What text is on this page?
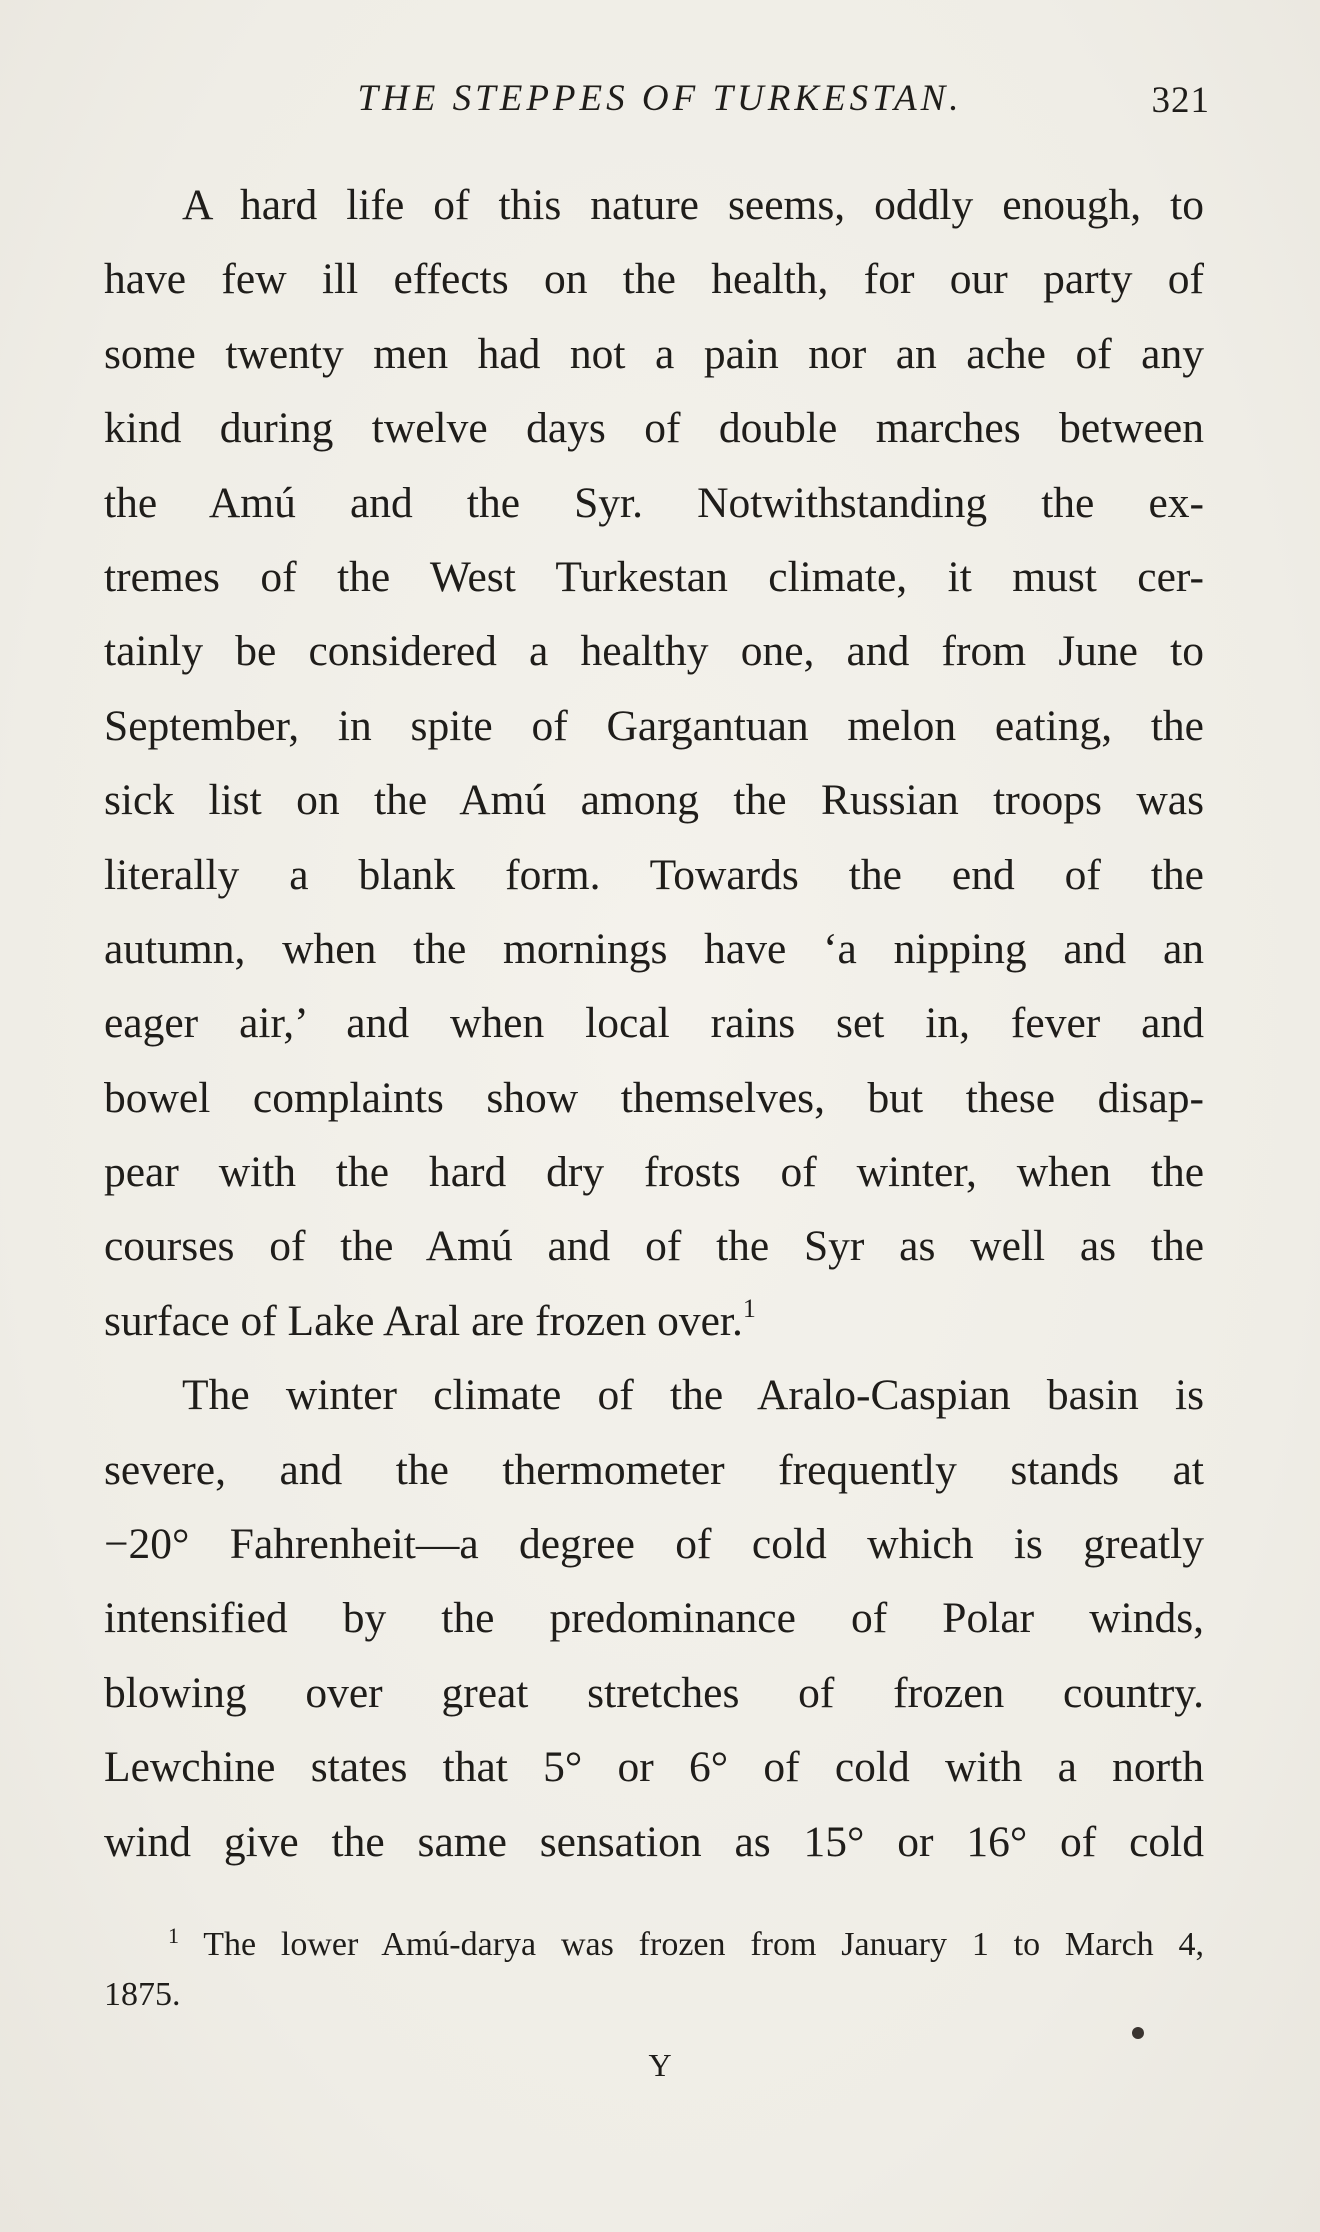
THE STEPPES OF TURKESTAN.	321
A hard life of this nature seems, oddly enough, to
have few ill effects on the health, for our party of
some twenty men had not a pain nor an ache of any
kind during twelve days of double marches between
the Amú and the Syr. Notwithstanding the ex-
tremes of the West Turkestan climate, it must cer-
tainly be considered a healthy one, and from June to
September, in spite of Gargantuan melon eating, the
sick list on the Amú among the Russian troops was
literally a blank form. Towards the end of the
autumn, when the mornings have ‘a nipping and an
eager air,’ and when local rains set in, fever and
bowel complaints show themselves, but these disap-
pear with the hard dry frosts of winter, when the
courses of the Amú and of the Syr as well as the
surface of Lake Aral are frozen over.$^1$
The winter climate of the Aralo-Caspian basin is
severe, and the thermometer frequently stands at
−20° Fahrenheit—a degree of cold which is greatly
intensified by the predominance of Polar winds,
blowing over great stretches of frozen country.
Lewchine states that 5° or 6° of cold with a north
wind give the same sensation as 15° or 16° of cold
$^1$ The lower Amú-darya was frozen from January 1 to March 4,
1875.
Y
